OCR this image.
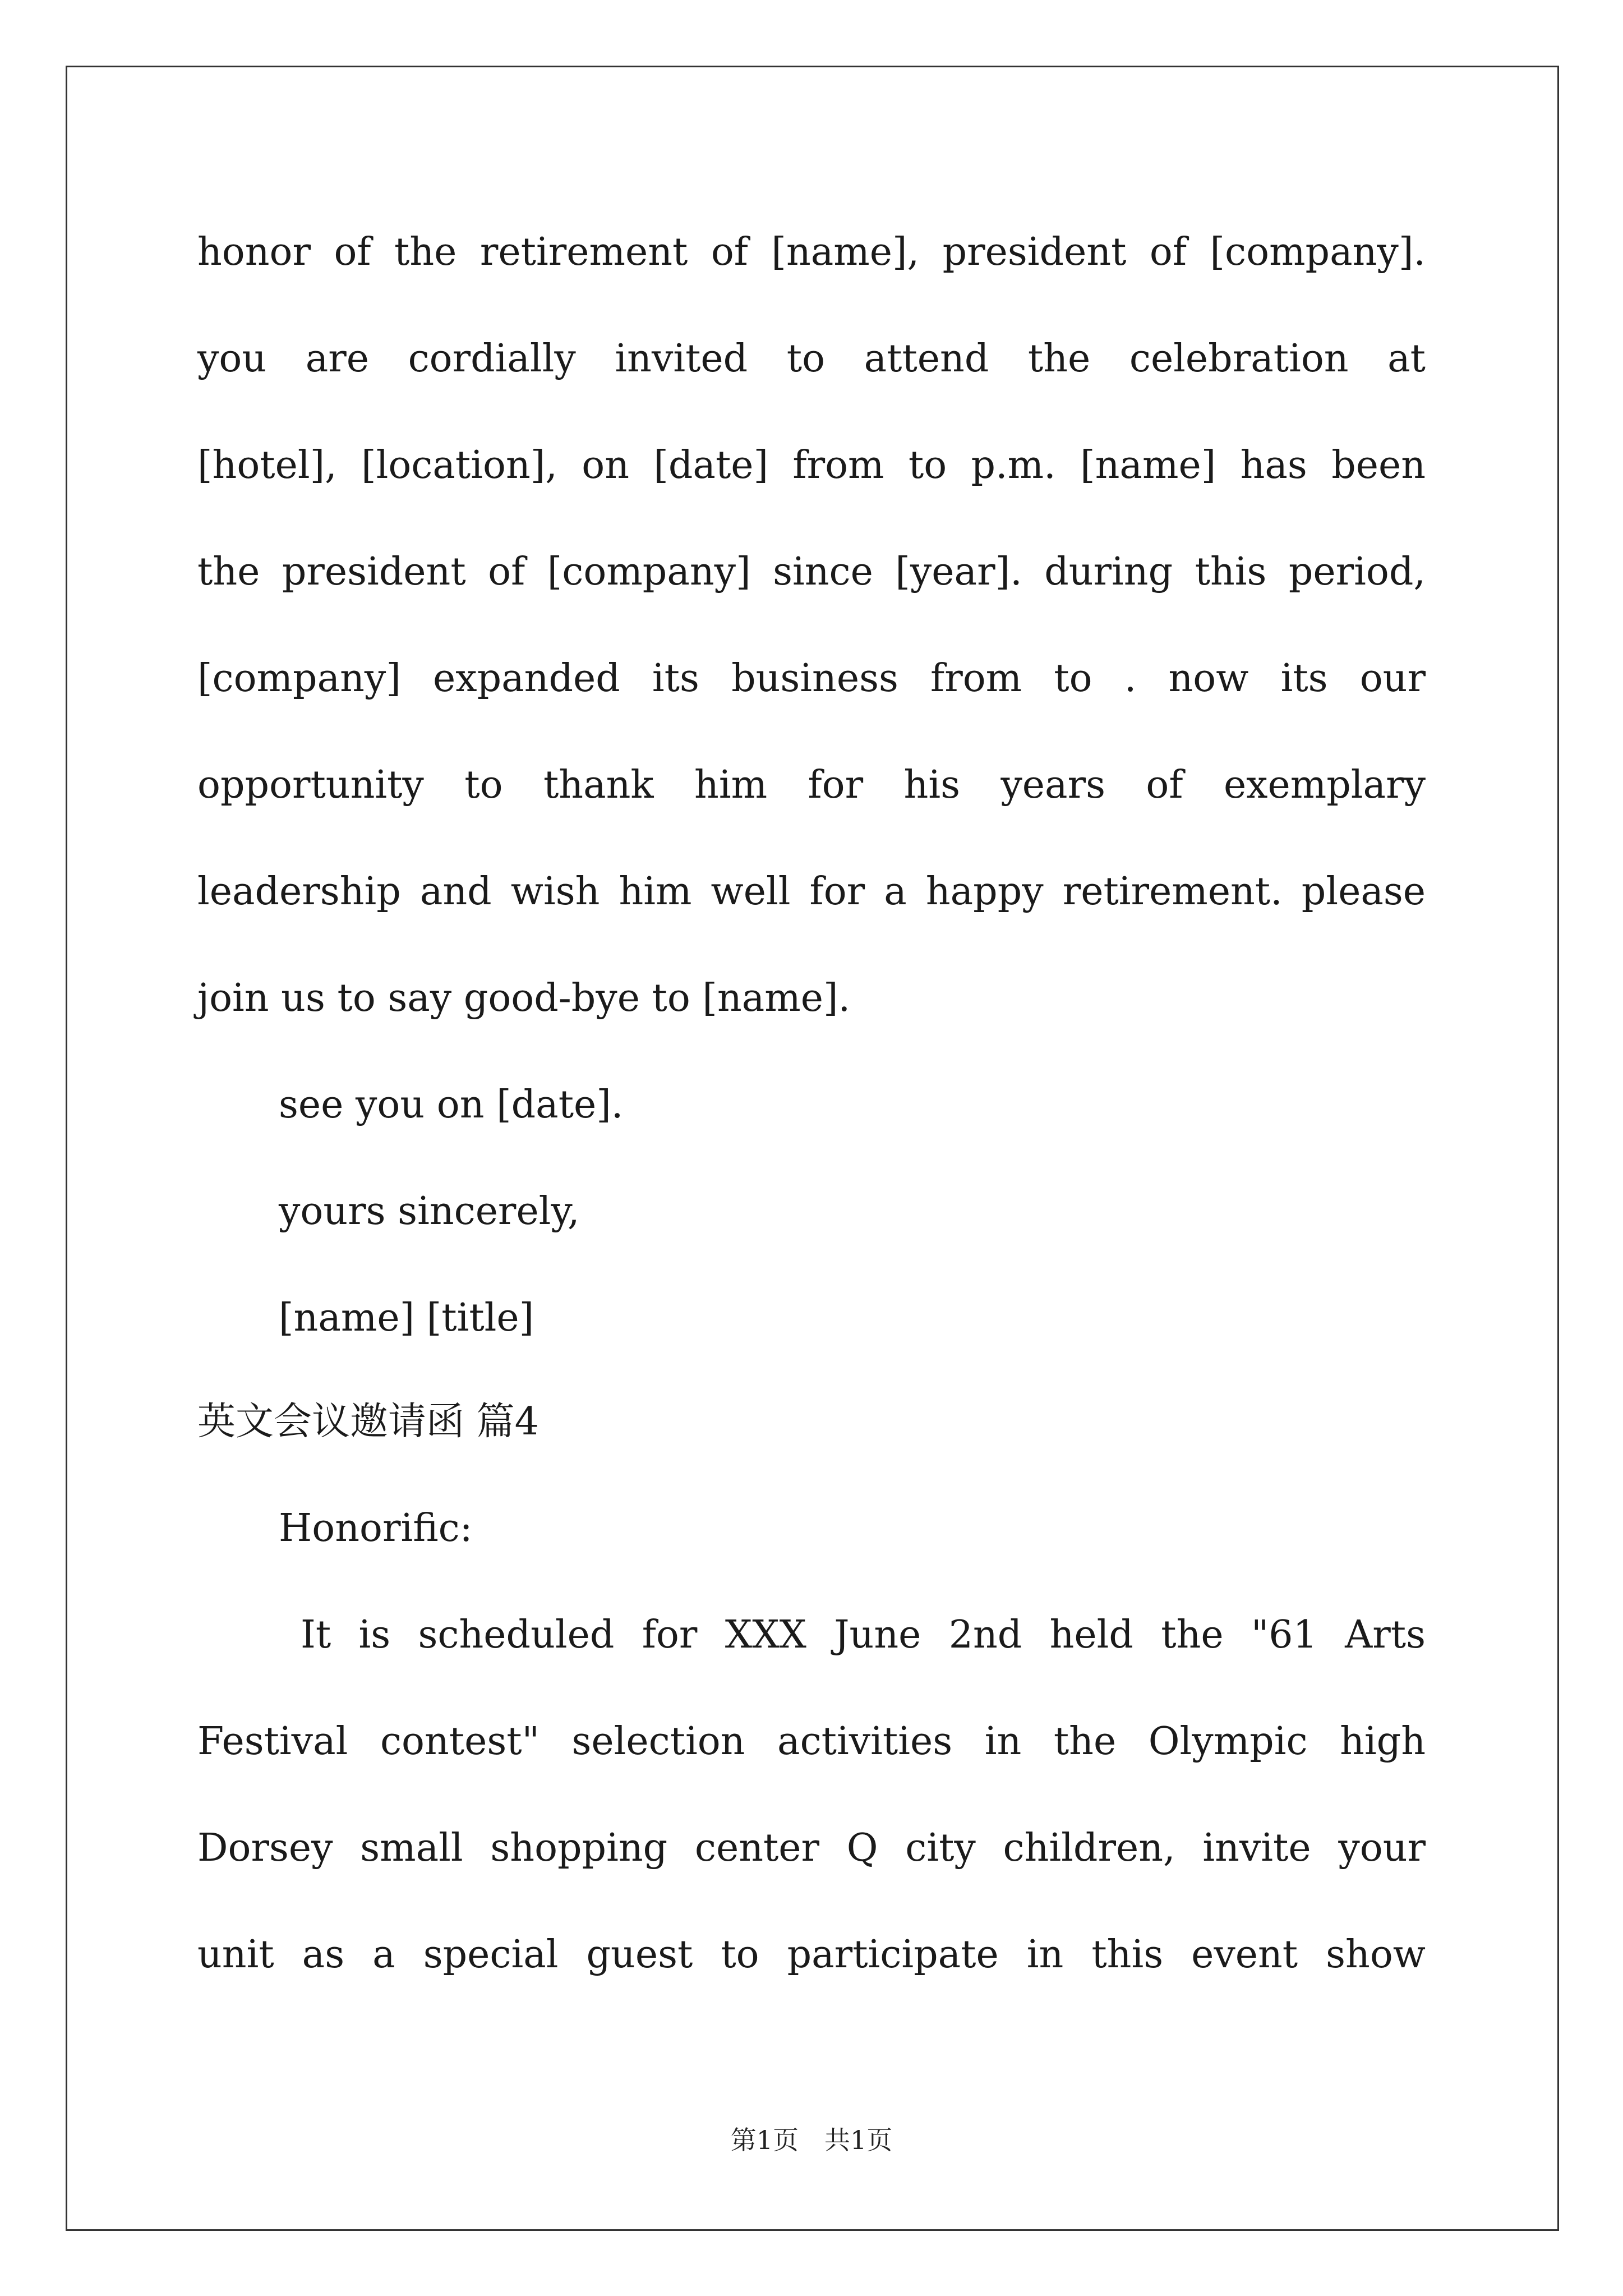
honor of the retirement of [name], president of [company].
you are cordially invited to attend the celebration at
[hotel], [location], on [date] from to p.m. [name] has been
the president of [company] since [year]. during this period,
[company] expanded its business from to . now its our
opportunity to thank him for his years of exemplary
leadership and wish him well for a happy retirement. please
join us to say good-bye to [name].
see you on [date].
yours sincerely,
[name] [title]
英文会议邀请函 篇4
Honorific:
It is scheduled for XXX June 2nd held the "61 Arts
Festival contest" selection activities in the Olympic high
Dorsey small shopping center Q city children, invite your
unit as a special guest to participate in this event show
第1页　共1页
